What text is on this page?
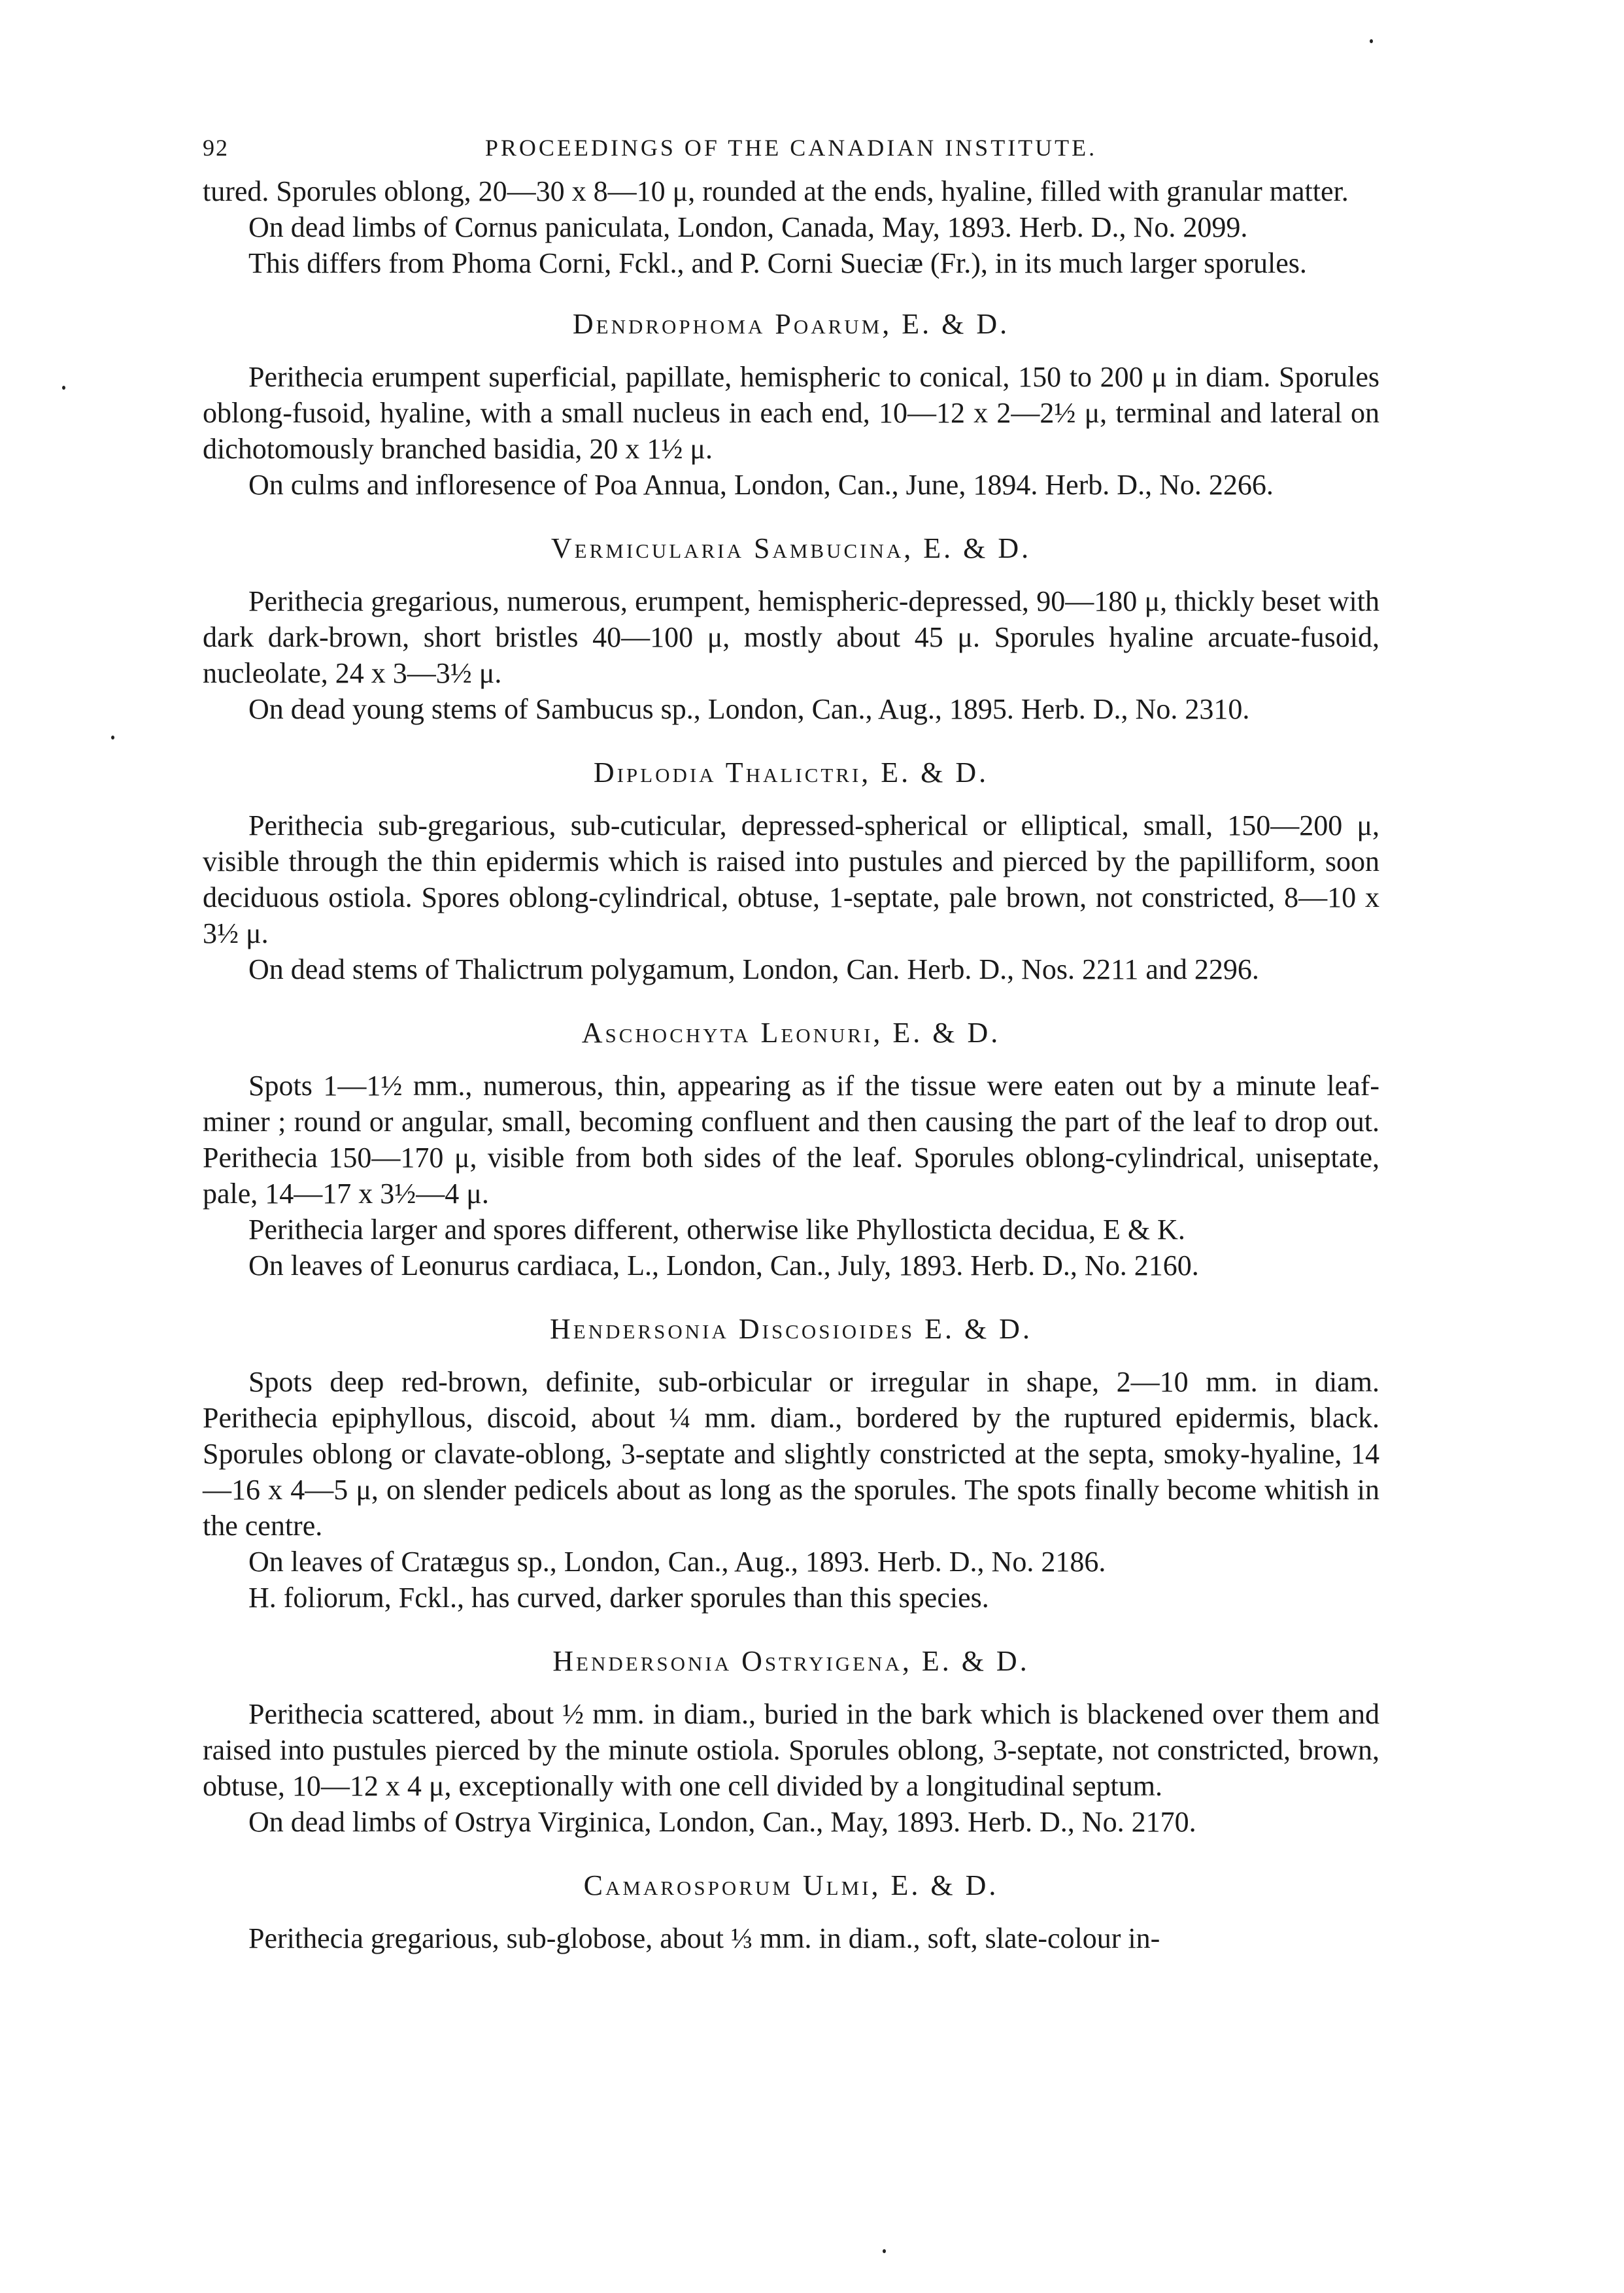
92	PROCEEDINGS OF THE CANADIAN INSTITUTE.

tured. Sporules oblong, 20—30 x 8—10 μ, rounded at the ends, hyaline, filled with granular matter.

On dead limbs of Cornus paniculata, London, Canada, May, 1893. Herb. D., No. 2099.

This differs from Phoma Corni, Fckl., and P. Corni Sueciæ (Fr.), in its much larger sporules.

Dendrophoma Poarum, E. & D.

Perithecia erumpent superficial, papillate, hemispheric to conical, 150 to 200 μ in diam. Sporules oblong-fusoid, hyaline, with a small nucleus in each end, 10—12 x 2—2½ μ, terminal and lateral on dichotomously branched basidia, 20 x 1½ μ.

On culms and infloresence of Poa Annua, London, Can., June, 1894. Herb. D., No. 2266.

Vermicularia Sambucina, E. & D.

Perithecia gregarious, numerous, erumpent, hemispheric-depressed, 90—180 μ, thickly beset with dark dark-brown, short bristles 40—100 μ, mostly about 45 μ. Sporules hyaline arcuate-fusoid, nucleolate, 24 x 3—3½ μ.

On dead young stems of Sambucus sp., London, Can., Aug., 1895. Herb. D., No. 2310.

Diplodia Thalictri, E. & D.

Perithecia sub-gregarious, sub-cuticular, depressed-spherical or elliptical, small, 150—200 μ, visible through the thin epidermis which is raised into pustules and pierced by the papilliform, soon deciduous ostiola. Spores oblong-cylindrical, obtuse, 1-septate, pale brown, not constricted, 8—10 x 3½ μ.

On dead stems of Thalictrum polygamum, London, Can. Herb. D., Nos. 2211 and 2296.

Aschochyta Leonuri, E. & D.

Spots 1—1½ mm., numerous, thin, appearing as if the tissue were eaten out by a minute leaf-miner ; round or angular, small, becoming confluent and then causing the part of the leaf to drop out. Perithecia 150—170 μ, visible from both sides of the leaf. Sporules oblong-cylindrical, uniseptate, pale, 14—17 x 3½—4 μ.

Perithecia larger and spores different, otherwise like Phyllosticta decidua, E & K.

On leaves of Leonurus cardiaca, L., London, Can., July, 1893. Herb. D., No. 2160.

Hendersonia Discosioides E. & D.

Spots deep red-brown, definite, sub-orbicular or irregular in shape, 2—10 mm. in diam. Perithecia epiphyllous, discoid, about ¼ mm. diam., bordered by the ruptured epidermis, black. Sporules oblong or clavate-oblong, 3-septate and slightly constricted at the septa, smoky-hyaline, 14—16 x 4—5 μ, on slender pedicels about as long as the sporules. The spots finally become whitish in the centre.

On leaves of Cratægus sp., London, Can., Aug., 1893. Herb. D., No. 2186.

H. foliorum, Fckl., has curved, darker sporules than this species.

Hendersonia Ostryigena, E. & D.

Perithecia scattered, about ½ mm. in diam., buried in the bark which is blackened over them and raised into pustules pierced by the minute ostiola. Sporules oblong, 3-septate, not constricted, brown, obtuse, 10—12 x 4 μ, exceptionally with one cell divided by a longitudinal septum.

On dead limbs of Ostrya Virginica, London, Can., May, 1893. Herb. D., No. 2170.

Camarosporum Ulmi, E. & D.

Perithecia gregarious, sub-globose, about ⅓ mm. in diam., soft, slate-colour in-
